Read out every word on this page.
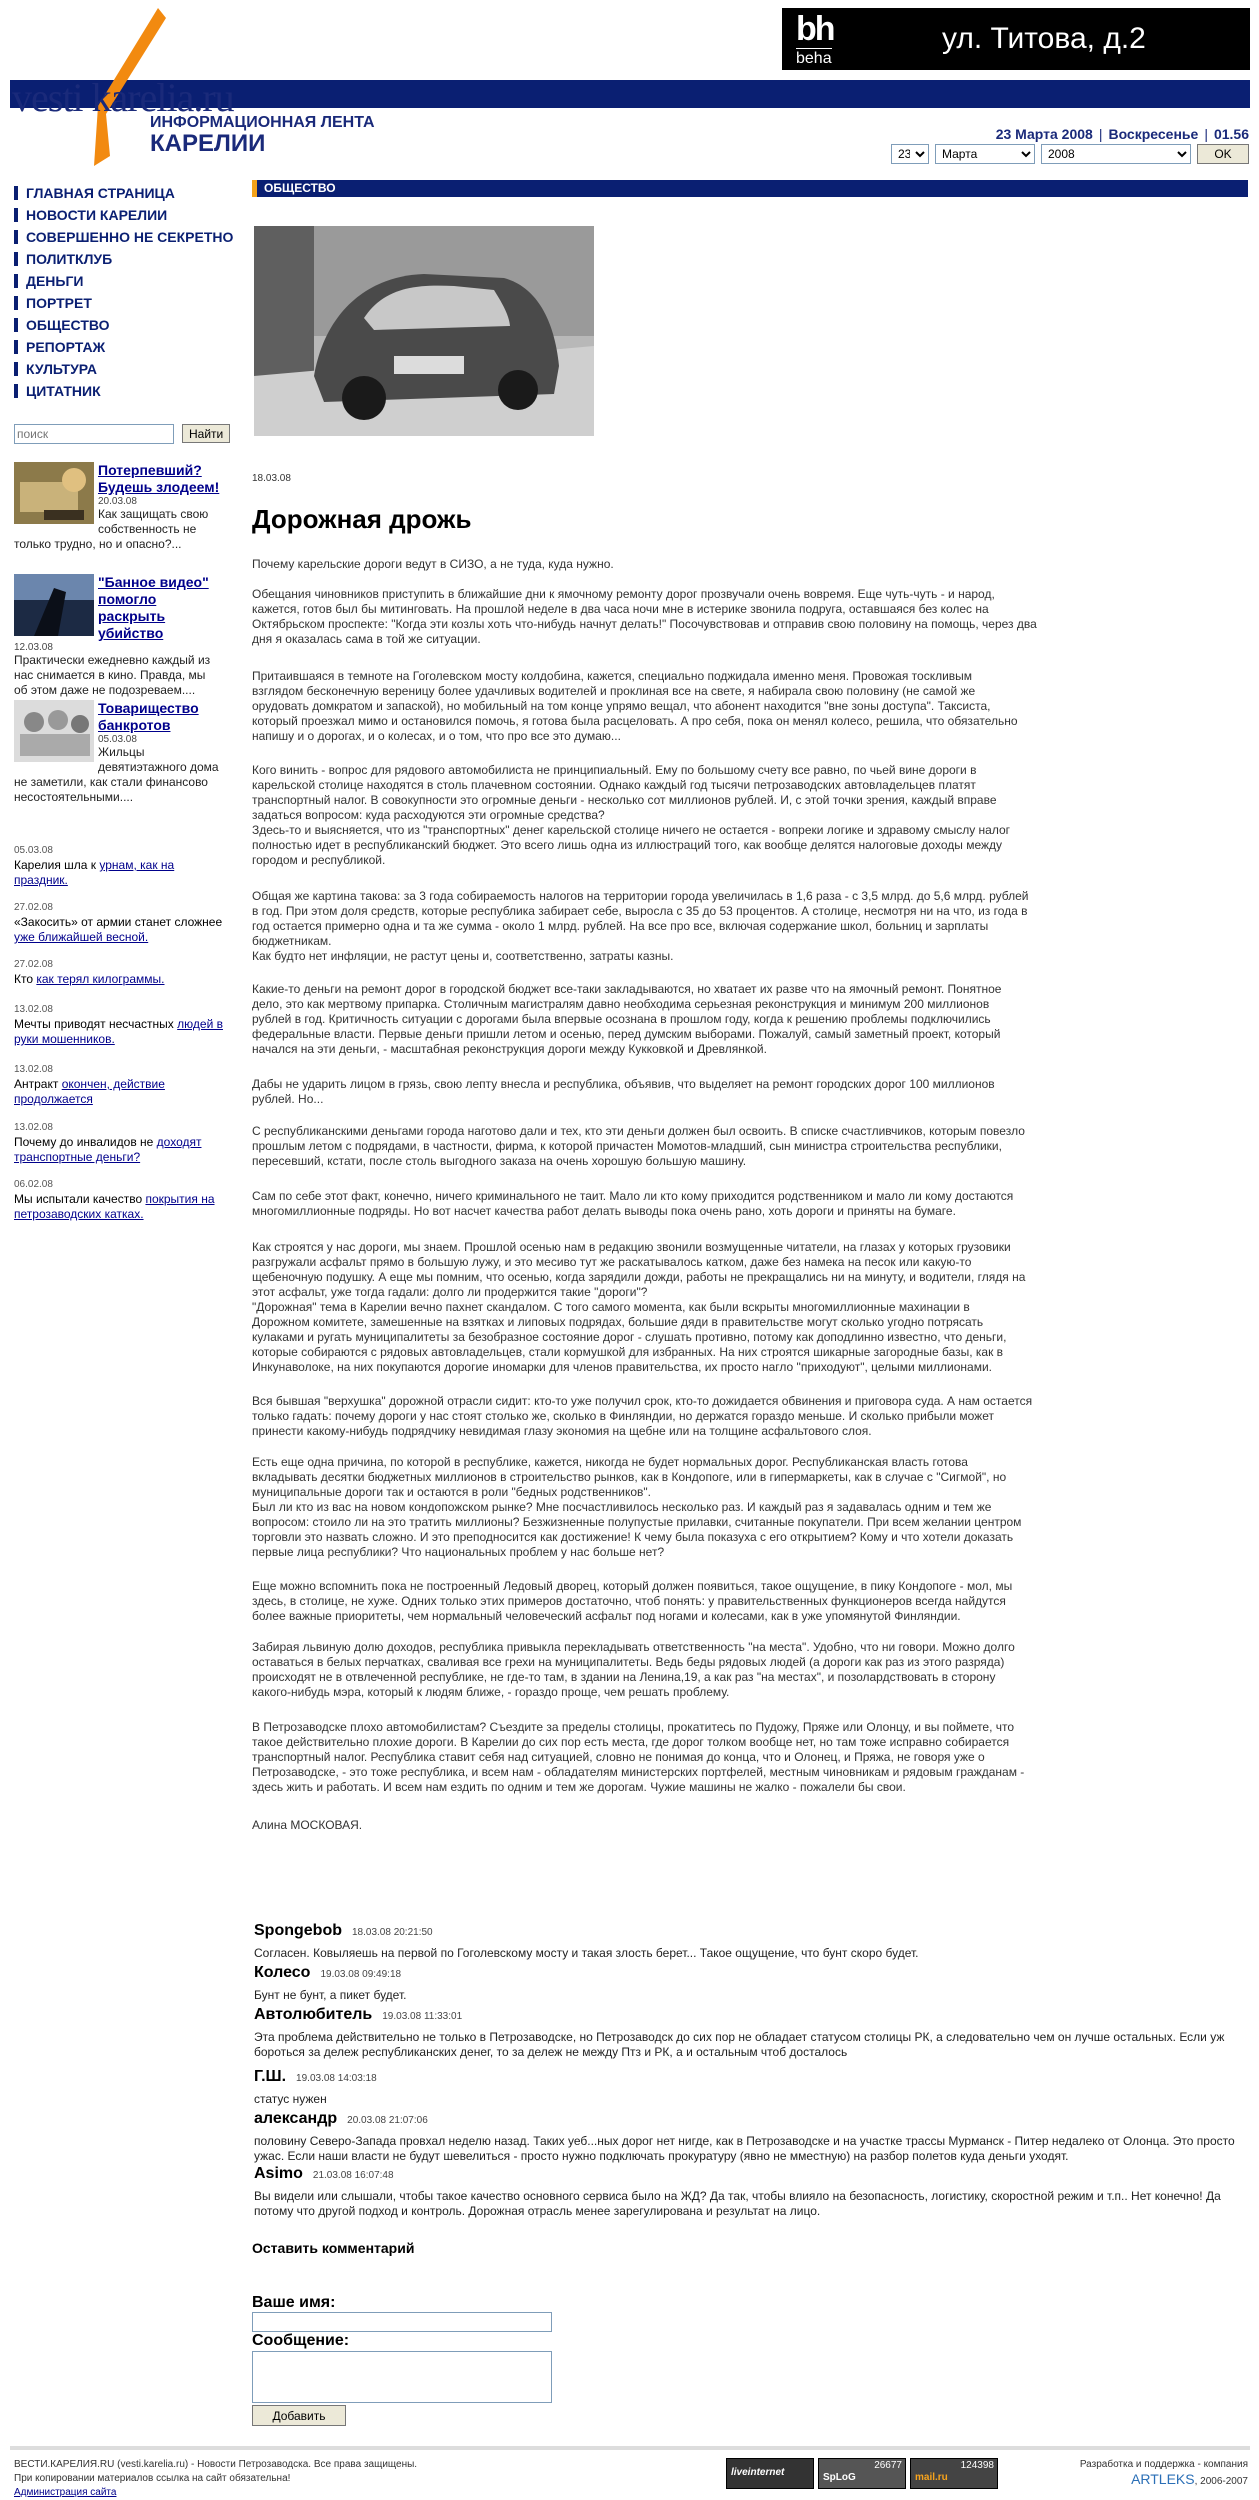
vesti karelia.ru
ИНФОРМАЦИОННАЯ ЛЕНТА
КАРЕЛИИ
bh
beha
ул. Титова, д.2
23 Марта 2008 | Воскресенье | 01.56
23
Марта
2008
OK
ГЛАВНАЯ СТРАНИЦА
НОВОСТИ КАРЕЛИИ
СОВЕРШЕННО НЕ СЕКРЕТНО
ПОЛИТКЛУБ
ДЕНЬГИ
ПОРТРЕТ
ОБЩЕСТВО
РЕПОРТАЖ
КУЛЬТУРА
ЦИТАТНИК
поиск
Найти
Потерпевший? Будешь злодеем!
20.03.08
Как защищать свою собственность не только трудно, но и опасно?...
"Банное видео" помогло раскрыть убийство
12.03.08
Практически ежедневно каждый из нас снимается в кино. Правда, мы об этом даже не подозреваем....
Товарищество банкротов
05.03.08
Жильцы девятиэтажного дома не заметили, как стали финансово несостоятельными....
05.03.08
Карелия шла к урнам, как на праздник.
27.02.08
«Закосить» от армии станет сложнее уже ближайшей весной.
27.02.08
Кто как терял килограммы.
13.02.08
Мечты приводят несчастных людей в руки мошенников.
13.02.08
Антракт окончен, действие продолжается
13.02.08
Почему до инвалидов не доходят транспортные деньги?
06.02.08
Мы испытали качество покрытия на петрозаводских катках.
ОБЩЕСТВО
18.03.08
Дорожная дрожь
Почему карельские дороги ведут в СИЗО, а не туда, куда нужно.
Обещания чиновников приступить в ближайшие дни к ямочному ремонту дорог прозвучали очень вовремя. Еще чуть-чуть - и народ,
кажется, готов был бы митинговать. На прошлой неделе в два часа ночи мне в истерике звонила подруга, оставшаяся без колес на
Октябрьском проспекте: "Когда эти козлы хоть что-нибудь начнут делать!" Посочувствовав и отправив свою половину на помощь, через два
дня я оказалась сама в той же ситуации.
Притаившаяся в темноте на Гоголевском мосту колдобина, кажется, специально поджидала именно меня. Провожая тоскливым
взглядом бесконечную вереницу более удачливых водителей и проклиная все на свете, я набирала свою половину (не самой же
орудовать домкратом и запаской), но мобильный на том конце упрямо вещал, что абонент находится "вне зоны доступа". Таксиста,
который проезжал мимо и остановился помочь, я готова была расцеловать. А про себя, пока он менял колесо, решила, что обязательно
напишу и о дорогах, и о колесах, и о том, что про все это думаю...
Кого винить - вопрос для рядового автомобилиста не принципиальный. Ему по большому счету все равно, по чьей вине дороги в
карельской столице находятся в столь плачевном состоянии. Однако каждый год тысячи петрозаводских автовладельцев платят
транспортный налог. В совокупности это огромные деньги - несколько сот миллионов рублей. И, с этой точки зрения, каждый вправе
задаться вопросом: куда расходуются эти огромные средства?
Здесь-то и выясняется, что из "транспортных" денег карельской столице ничего не остается - вопреки логике и здравому смыслу налог
полностью идет в республиканский бюджет. Это всего лишь одна из иллюстраций того, как вообще делятся налоговые доходы между
городом и республикой.
Общая же картина такова: за 3 года собираемость налогов на территории города увеличилась в 1,6 раза - с 3,5 млрд. до 5,6 млрд. рублей
в год. При этом доля средств, которые республика забирает себе, выросла с 35 до 53 процентов. А столице, несмотря ни на что, из года в
год остается примерно одна и та же сумма - около 1 млрд. рублей. На все про все, включая содержание школ, больниц и зарплаты
бюджетникам.
Как будто нет инфляции, не растут цены и, соответственно, затраты казны.
Какие-то деньги на ремонт дорог в городской бюджет все-таки закладываются, но хватает их разве что на ямочный ремонт. Понятное
дело, это как мертвому припарка. Столичным магистралям давно необходима серьезная реконструкция и минимум 200 миллионов
рублей в год. Критичность ситуации с дорогами была впервые осознана в прошлом году, когда к решению проблемы подключились
федеральные власти. Первые деньги пришли летом и осенью, перед думским выборами. Пожалуй, самый заметный проект, который
начался на эти деньги, - масштабная реконструкция дороги между Кукковкой и Древлянкой.
Дабы не ударить лицом в грязь, свою лепту внесла и республика, объявив, что выделяет на ремонт городских дорог 100 миллионов
рублей. Но...
С республиканскими деньгами города наготово дали и тех, кто эти деньги должен был освоить. В списке счастливчиков, которым повезло
прошлым летом с подрядами, в частности, фирма, к которой причастен Момотов-младший, сын министра строительства республики,
пересевший, кстати, после столь выгодного заказа на очень хорошую большую машину.
Сам по себе этот факт, конечно, ничего криминального не таит. Мало ли кто кому приходится родственником и мало ли кому достаются
многомиллионные подряды. Но вот насчет качества работ делать выводы пока очень рано, хоть дороги и приняты на бумаге.
Как строятся у нас дороги, мы знаем. Прошлой осенью нам в редакцию звонили возмущенные читатели, на глазах у которых грузовики
разгружали асфальт прямо в большую лужу, и это месиво тут же раскатывалось катком, даже без намека на песок или какую-то
щебеночную подушку. А еще мы помним, что осенью, когда зарядили дожди, работы не прекращались ни на минуту, и водители, глядя на
этот асфальт, уже тогда гадали: долго ли продержится такие "дороги"?
"Дорожная" тема в Карелии вечно пахнет скандалом. С того самого момента, как были вскрыты многомиллионные махинации в
Дорожном комитете, замешенные на взятках и липовых подрядах, большие дяди в правительстве могут сколько угодно потрясать
кулаками и ругать муниципалитеты за безобразное состояние дорог - слушать противно, потому как доподлинно известно, что деньги,
которые собираются с рядовых автовладельцев, стали кормушкой для избранных. На них строятся шикарные загородные базы, как в
Инкунаволоке, на них покупаются дорогие иномарки для членов правительства, их просто нагло "приходуют", целыми миллионами.
Вся бывшая "верхушка" дорожной отрасли сидит: кто-то уже получил срок, кто-то дожидается обвинения и приговора суда. А нам остается
только гадать: почему дороги у нас стоят столько же, сколько в Финляндии, но держатся гораздо меньше. И сколько прибыли может
принести какому-нибудь подрядчику невидимая глазу экономия на щебне или на толщине асфальтового слоя.
Есть еще одна причина, по которой в республике, кажется, никогда не будет нормальных дорог. Республиканская власть готова
вкладывать десятки бюджетных миллионов в строительство рынков, как в Кондопоге, или в гипермаркеты, как в случае с "Сигмой", но
муниципальные дороги так и остаются в роли "бедных родственников".
Был ли кто из вас на новом кондопожском рынке? Мне посчастливилось несколько раз. И каждый раз я задавалась одним и тем же
вопросом: стоило ли на это тратить миллионы? Безжизненные полупустые прилавки, считанные покупатели. При всем желании центром
торговли это назвать сложно. И это преподносится как достижение! К чему была показуха с его открытием? Кому и что хотели доказать
первые лица республики? Что национальных проблем у нас больше нет?
Еще можно вспомнить пока не построенный Ледовый дворец, который должен появиться, такое ощущение, в пику Кондопоге - мол, мы
здесь, в столице, не хуже. Одних только этих примеров достаточно, чтоб понять: у правительственных функционеров всегда найдутся
более важные приоритеты, чем нормальный человеческий асфальт под ногами и колесами, как в уже упомянутой Финляндии.
Забирая львиную долю доходов, республика привыкла перекладывать ответственность "на места". Удобно, что ни говори. Можно долго
оставаться в белых перчатках, сваливая все грехи на муниципалитеты. Ведь беды рядовых людей (а дороги как раз из этого разряда)
происходят не в отвлеченной республике, не где-то там, в здании на Ленина,19, а как раз "на местах", и позолардствовать в сторону
какого-нибудь мэра, который к людям ближе, - гораздо проще, чем решать проблему.
В Петрозаводске плохо автомобилистам? Съездите за пределы столицы, прокатитесь по Пудожу, Пряже или Олонцу, и вы поймете, что
такое действительно плохие дороги. В Карелии до сих пор есть места, где дорог толком вообще нет, но там тоже исправно собирается
транспортный налог. Республика ставит себя над ситуацией, словно не понимая до конца, что и Олонец, и Пряжа, не говоря уже о
Петрозаводске, - это тоже республика, и всем нам - обладателям министерских портфелей, местным чиновникам и рядовым гражданам -
здесь жить и работать. И всем нам ездить по одним и тем же дорогам. Чужие машины не жалко - пожалели бы свои.
Алина МОСКОВАЯ.
Spongebob 18.03.08 20:21:50
Согласен. Ковыляешь на первой по Гоголевскому мосту и такая злость берет... Такое ощущение, что бунт скоро будет.
Колесо 19.03.08 09:49:18
Бунт не бунт, а пикет будет.
Автолюбитель 19.03.08 11:33:01
Эта проблема действительно не только в Петрозаводске, но Петрозаводск до сих пор не обладает статусом столицы РК, а следовательно чем он лучше остальных. Если уж бороться за дележ республиканских денег, то за дележ не между Птз и РК, а и остальным чтоб досталось
Г.Ш. 19.03.08 14:03:18
статус нужен
александр 20.03.08 21:07:06
половину Северо-Запада провхал неделю назад. Таких уеб...ных дорог нет нигде, как в Петрозаводске и на участке трассы Мурманск - Питер недалеко от Олонца. Это просто ужас. Если наши власти не будут шевелиться - просто нужно подключать прокуратуру (явно не мместную) на разбор полетов куда деньги уходят.
Asimo 21.03.08 16:07:48
Вы видели или слышали, чтобы такое качество основного сервиса было на ЖД? Да так, чтобы влияло на безопасность, логистику, скоростной режим и т.п.. Нет конечно! Да потому что другой подход и контроль. Дорожная отрасль менее зарегулирована и результат на лицо.
Оставить комментарий
Ваше имя:
Сообщение:
Добавить
ВЕСТИ.КАРЕЛИЯ.RU (vesti.karelia.ru) - Новости Петрозаводска. Все права защищены.
При копировании материалов ссылка на сайт обязательна!
Администрация сайта
liveinternet
26677
SpLoG
124398
mail.ru
Разработка и поддержка - компания
ARTLEKS, 2006-2007
